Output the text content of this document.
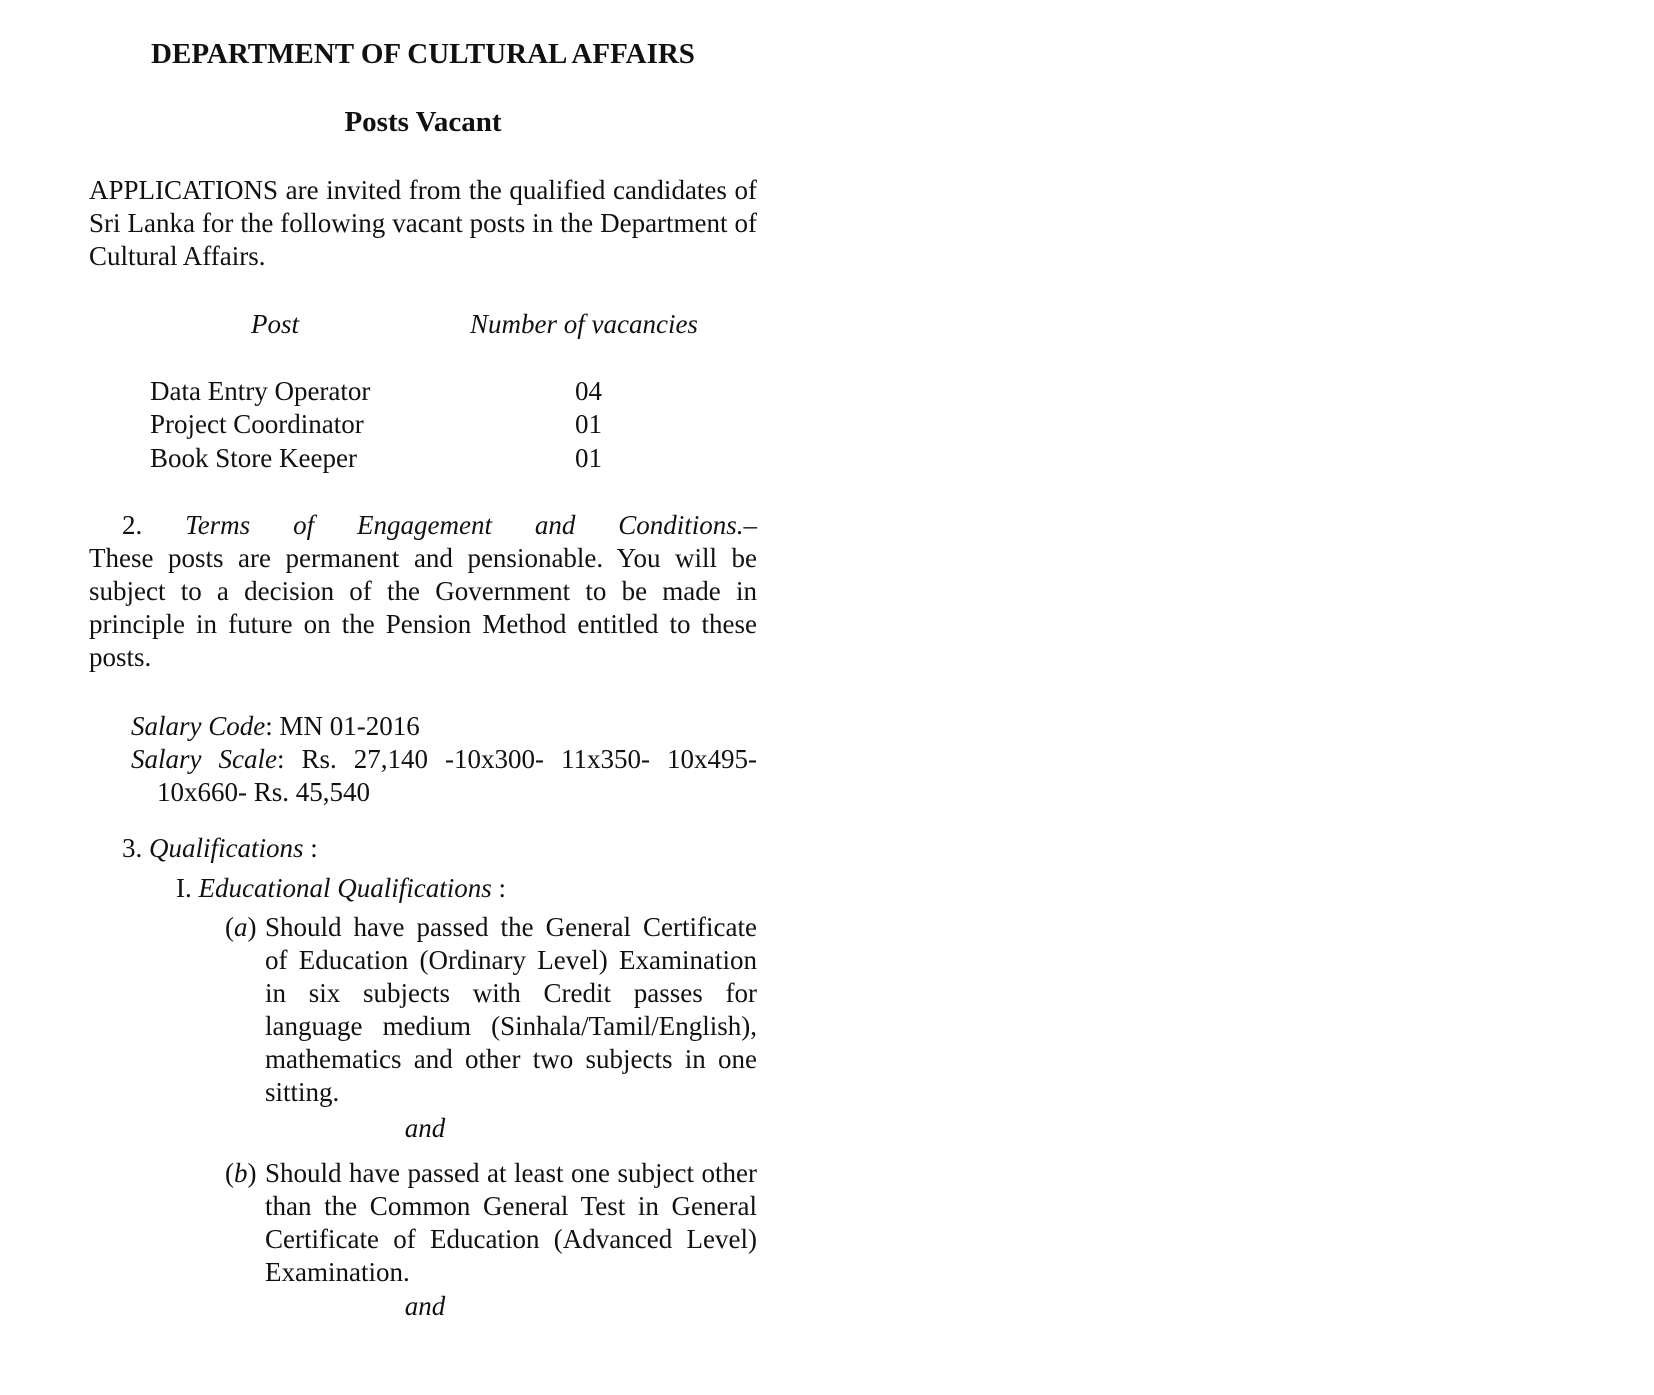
DEPARTMENT OF CULTURAL AFFAIRS
Posts Vacant
APPLICATIONS are invited from the qualified candidates of Sri Lanka for the following vacant posts in the Department of Cultural Affairs.
Post	Number of vacancies
Data Entry Operator	04
Project Coordinator	01
Book Store Keeper	01
2. Terms of Engagement and Conditions.–
These posts are permanent and pensionable. You will be subject to a decision of the Government to be made in principle in future on the Pension Method entitled to these posts.
Salary Code: MN 01-2016
Salary Scale: Rs. 27,140 -10x300- 11x350- 10x495-
10x660- Rs. 45,540
3. Qualifications :
I. Educational Qualifications :
(a) Should have passed the General Certificate of Education (Ordinary Level) Examination in six subjects with Credit passes for language medium (Sinhala/Tamil/English), mathematics and other two subjects in one sitting.
and
(b) Should have passed at least one subject other than the Common General Test in General Certificate of Education (Advanced Level) Examination.
and
